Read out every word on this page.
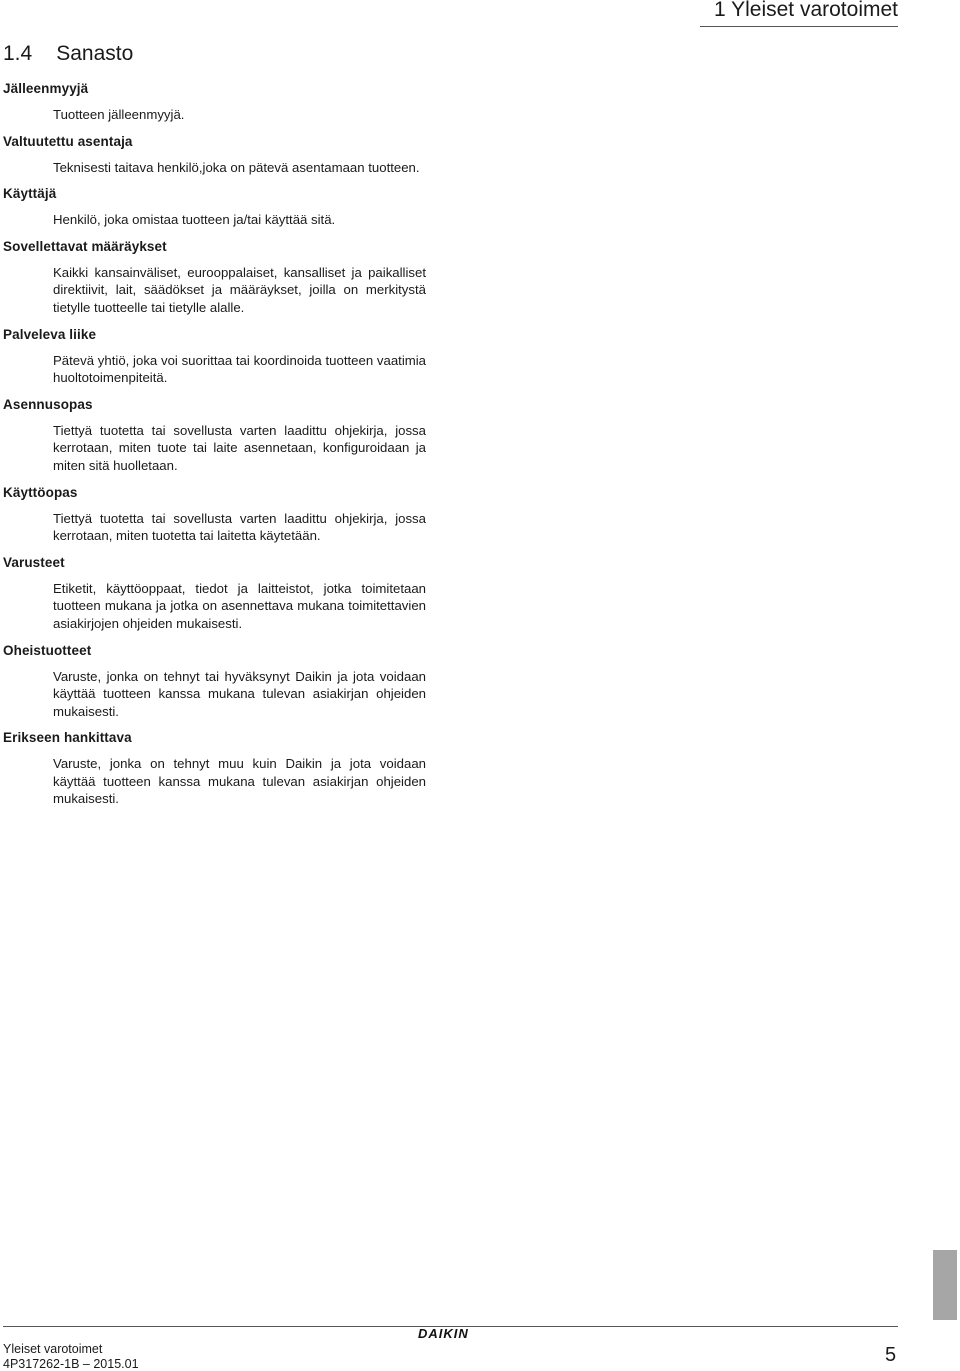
1 Yleiset varotoimet
1.4 Sanasto
Jälleenmyyjä
Tuotteen jälleenmyyjä.
Valtuutettu asentaja
Teknisesti taitava henkilö,joka on pätevä asentamaan tuotteen.
Käyttäjä
Henkilö, joka omistaa tuotteen ja/tai käyttää sitä.
Sovellettavat määräykset
Kaikki kansainväliset, eurooppalaiset, kansalliset ja paikalliset direktiivit, lait, säädökset ja määräykset, joilla on merkitystä tietylle tuotteelle tai tietylle alalle.
Palveleva liike
Pätevä yhtiö, joka voi suorittaa tai koordinoida tuotteen vaatimia huoltotoimenpiteitä.
Asennusopas
Tiettyä tuotetta tai sovellusta varten laadittu ohjekirja, jossa kerrotaan, miten tuote tai laite asennetaan, konfiguroidaan ja miten sitä huolletaan.
Käyttöopas
Tiettyä tuotetta tai sovellusta varten laadittu ohjekirja, jossa kerrotaan, miten tuotetta tai laitetta käytetään.
Varusteet
Etiketit, käyttöoppaat, tiedot ja laitteistot, jotka toimitetaan tuotteen mukana ja jotka on asennettava mukana toimitettavien asiakirjojen ohjeiden mukaisesti.
Oheistuotteet
Varuste, jonka on tehnyt tai hyväksynyt Daikin ja jota voidaan käyttää tuotteen kanssa mukana tulevan asiakirjan ohjeiden mukaisesti.
Erikseen hankittava
Varuste, jonka on tehnyt muu kuin Daikin ja jota voidaan käyttää tuotteen kanssa mukana tulevan asiakirjan ohjeiden mukaisesti.
DAIKIN
Yleiset varotoimet
4P317262-1B – 2015.01	5
